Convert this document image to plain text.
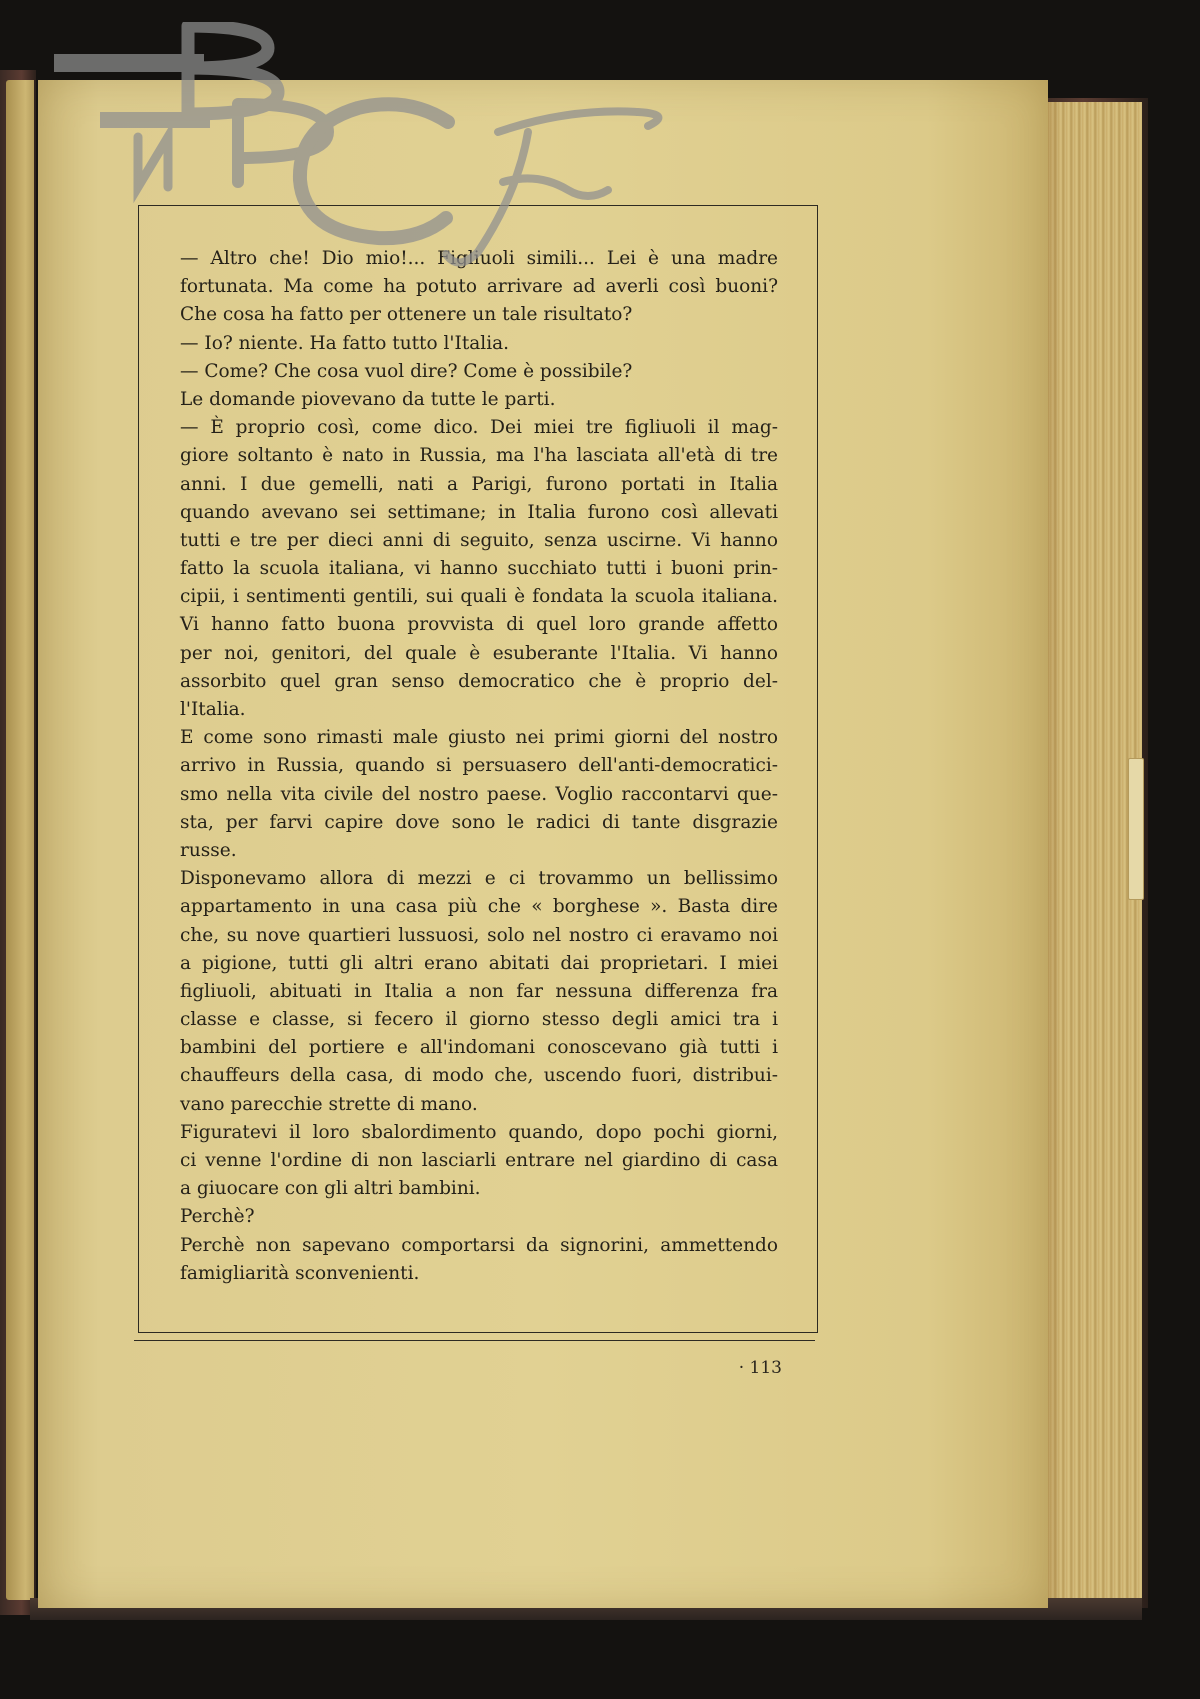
— Altro che! Dio mio!... Figliuoli simili... Lei è una madre
fortunata. Ma come ha potuto arrivare ad averli così buoni?
Che cosa ha fatto per ottenere un tale risultato?
— Io? niente. Ha fatto tutto l'Italia.
— Come? Che cosa vuol dire? Come è possibile?
Le domande piovevano da tutte le parti.
— È proprio così, come dico. Dei miei tre figliuoli il mag-
giore soltanto è nato in Russia, ma l'ha lasciata all'età di tre
anni. I due gemelli, nati a Parigi, furono portati in Italia
quando avevano sei settimane; in Italia furono così allevati
tutti e tre per dieci anni di seguito, senza uscirne. Vi hanno
fatto la scuola italiana, vi hanno succhiato tutti i buoni prin-
cipii, i sentimenti gentili, sui quali è fondata la scuola italiana.
Vi hanno fatto buona provvista di quel loro grande affetto
per noi, genitori, del quale è esuberante l'Italia. Vi hanno
assorbito quel gran senso democratico che è proprio del-
l'Italia.
E come sono rimasti male giusto nei primi giorni del nostro
arrivo in Russia, quando si persuasero dell'anti-democratici-
smo nella vita civile del nostro paese. Voglio raccontarvi que-
sta, per farvi capire dove sono le radici di tante disgrazie
russe.
Disponevamo allora di mezzi e ci trovammo un bellissimo
appartamento in una casa più che « borghese ». Basta dire
che, su nove quartieri lussuosi, solo nel nostro ci eravamo noi
a pigione, tutti gli altri erano abitati dai proprietari. I miei
figliuoli, abituati in Italia a non far nessuna differenza fra
classe e classe, si fecero il giorno stesso degli amici tra i
bambini del portiere e all'indomani conoscevano già tutti i
chauffeurs della casa, di modo che, uscendo fuori, distribui-
vano parecchie strette di mano.
Figuratevi il loro sbalordimento quando, dopo pochi giorni,
ci venne l'ordine di non lasciarli entrare nel giardino di casa
a giuocare con gli altri bambini.
Perchè?
Perchè non sapevano comportarsi da signorini, ammettendo
famigliarità sconvenienti.
· 113
